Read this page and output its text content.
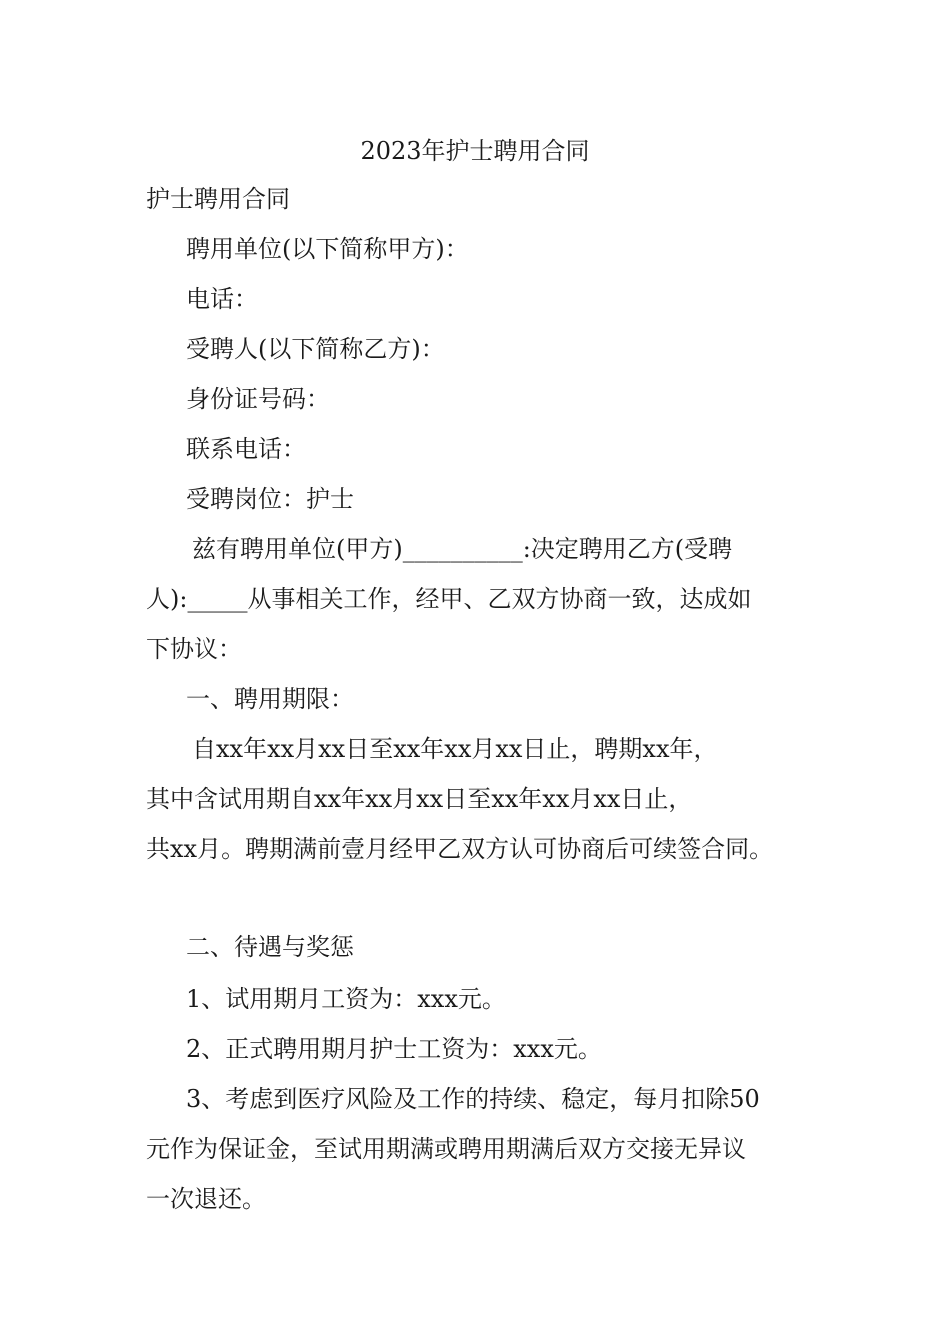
2023年护士聘用合同
护士聘用合同
聘用单位(以下简称甲方)：
电话：
受聘人(以下简称乙方)：
身份证号码：
联系电话：
受聘岗位：护士
兹有聘用单位(甲方)__________:决定聘用乙方(受聘
人):_____从事相关工作，经甲、乙双方协商一致，达成如
下协议：
一、聘用期限：
自xx年xx月xx日至xx年xx月xx日止，聘期xx年，
其中含试用期自xx年xx月xx日至xx年xx月xx日止，
共xx月。聘期满前壹月经甲乙双方认可协商后可续签合同。
二、待遇与奖惩
1、试用期月工资为：xxx元。
2、正式聘用期月护士工资为：xxx元。
3、考虑到医疗风险及工作的持续、稳定，每月扣除50
元作为保证金，至试用期满或聘用期满后双方交接无异议
一次退还。
